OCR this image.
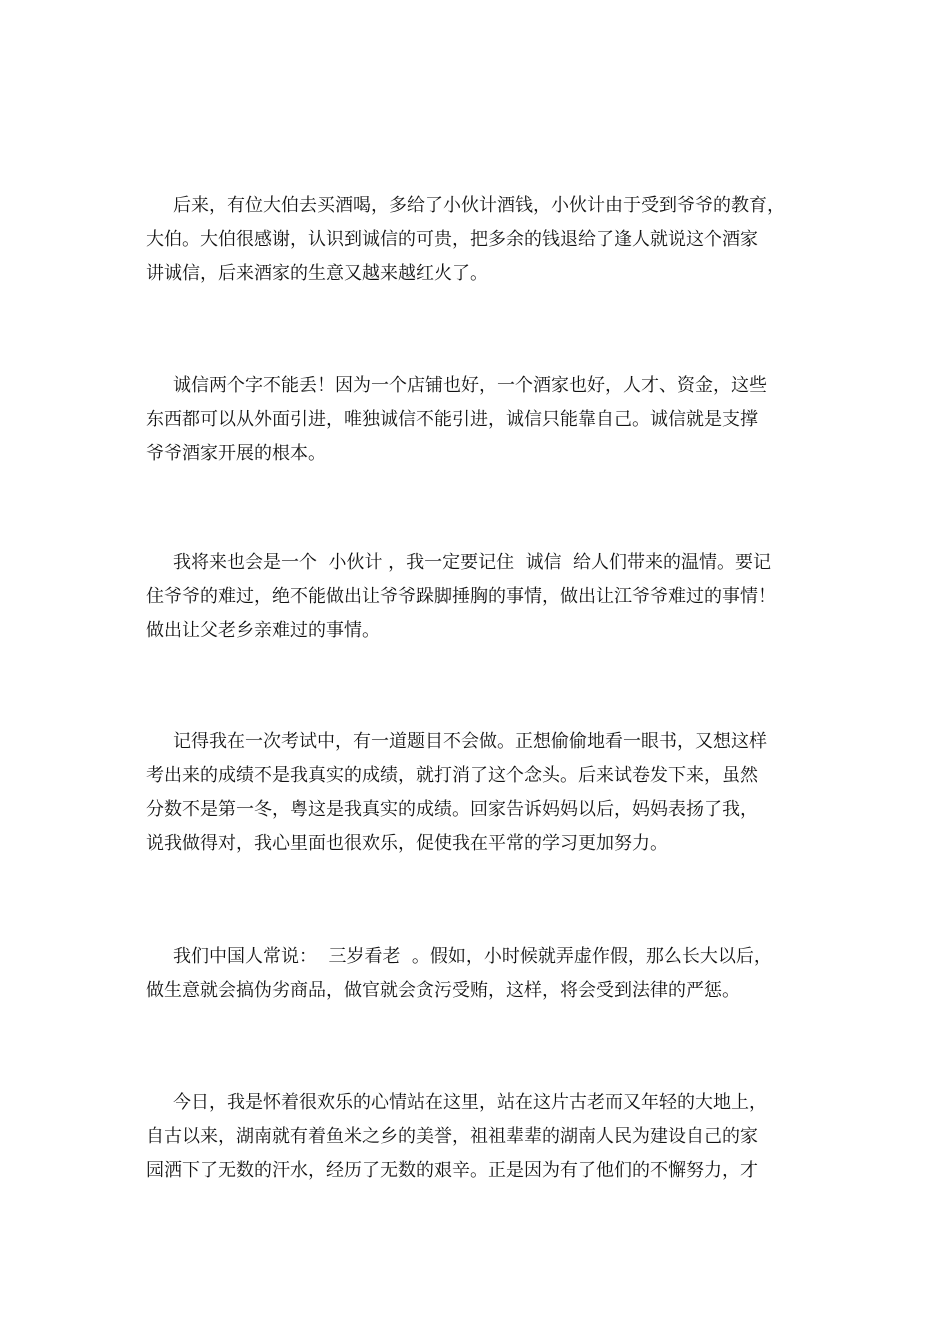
后来，有位大伯去买酒喝，多给了小伙计酒钱，小伙计由于受到爷爷的教育，
大伯。大伯很感谢，认识到诚信的可贵，把多余的钱退给了逢人就说这个酒家
讲诚信，后来酒家的生意又越来越红火了。
诚信两个字不能丢！因为一个店铺也好，一个酒家也好，人才、资金，这些
东西都可以从外面引进，唯独诚信不能引进，诚信只能靠自己。诚信就是支撑
爷爷酒家开展的根本。
我将来也会是一个  小伙计 ，我一定要记住  诚信  给人们带来的温情。要记
住爷爷的难过，绝不能做出让爷爷跺脚捶胸的事情，做出让江爷爷难过的事情！
做出让父老乡亲难过的事情。
记得我在一次考试中，有一道题目不会做。正想偷偷地看一眼书，又想这样
考出来的成绩不是我真实的成绩，就打消了这个念头。后来试卷发下来，虽然
分数不是第一冬，粤这是我真实的成绩。回家告诉妈妈以后，妈妈表扬了我，
说我做得对，我心里面也很欢乐，促使我在平常的学习更加努力。
我们中国人常说：  三岁看老  。假如，小时候就弄虚作假，那么长大以后，
做生意就会搞伪劣商品，做官就会贪污受贿，这样，将会受到法律的严惩。
今日，我是怀着很欢乐的心情站在这里，站在这片古老而又年轻的大地上，
自古以来，湖南就有着鱼米之乡的美誉，祖祖辈辈的湖南人民为建设自己的家
园洒下了无数的汗水，经历了无数的艰辛。正是因为有了他们的不懈努力，才
